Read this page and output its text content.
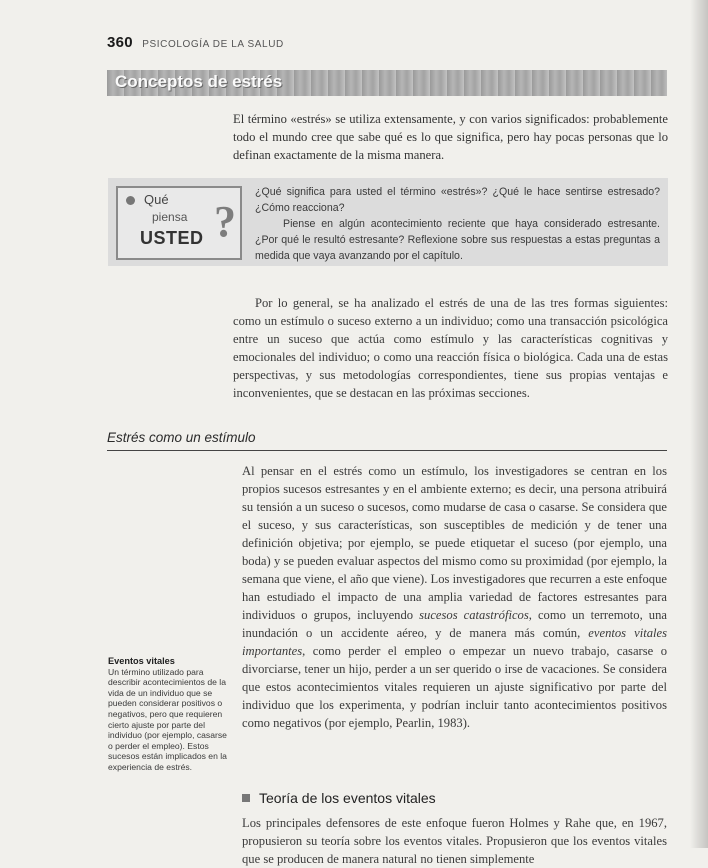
360 PSICOLOGÍA DE LA SALUD
Conceptos de estrés
El término «estrés» se utiliza extensamente, y con varios significados: probablemente todo el mundo cree que sabe qué es lo que significa, pero hay pocas personas que lo definan exactamente de la misma manera.
Qué
piensa
USTED ?

¿Qué significa para usted el término «estrés»? ¿Qué le hace sentirse estresado? ¿Cómo reacciona?

Piense en algún acontecimiento reciente que haya considerado estresante. ¿Por qué le resultó estresante? Reflexione sobre sus respuestas a estas preguntas a medida que vaya avanzando por el capítulo.

Por lo general, se ha analizado el estrés de una de las tres formas siguientes: como un estímulo o suceso externo a un individuo; como una transacción psicológica entre un suceso que actúa como estímulo y las características cognitivas y emocionales del individuo; o como una reacción física o biológica. Cada una de estas perspectivas, y sus metodologías correspondientes, tiene sus propias ventajas e inconvenientes, que se destacan en las próximas secciones.
Estrés como un estímulo

Al pensar en el estrés como un estímulo, los investigadores se centran en los propios sucesos estresantes y en el ambiente externo; es decir, una persona atribuirá su tensión a un suceso o sucesos, como mudarse de casa o casarse. Se considera que el suceso, y sus características, son susceptibles de medición y de tener una definición objetiva; por ejemplo, se puede etiquetar el suceso (por ejemplo, una boda) y se pueden evaluar aspectos del mismo como su proximidad (por ejemplo, la semana que viene, el año que viene). Los investigadores que recurren a este enfoque han estudiado el impacto de una amplia variedad de factores estresantes para individuos o grupos, incluyendo sucesos catastróficos, como un terremoto, una inundación o un accidente aéreo, y de manera más común, eventos vitales importantes, como perder el empleo o empezar un nuevo trabajo, casarse o divorciarse, tener un hijo, perder a un ser querido o irse de vacaciones. Se considera que estos acontecimientos vitales requieren un ajuste significativo por parte del individuo que los experimenta, y podrían incluir tanto acontecimientos positivos como negativos (por ejemplo, Pearlin, 1983).

Eventos vitales
Un término utilizado para describir acontecimientos de la vida de un individuo que se pueden considerar positivos o negativos, pero que requieren cierto ajuste por parte del individuo (por ejemplo, casarse o perder el empleo). Estos sucesos están implicados en la experiencia de estrés.
Teoría de los eventos vitales
Los principales defensores de este enfoque fueron Holmes y Rahe que, en 1967, propusieron su teoría sobre los eventos vitales. Propusieron que los eventos vitales que se producen de manera natural no tienen simplemente
